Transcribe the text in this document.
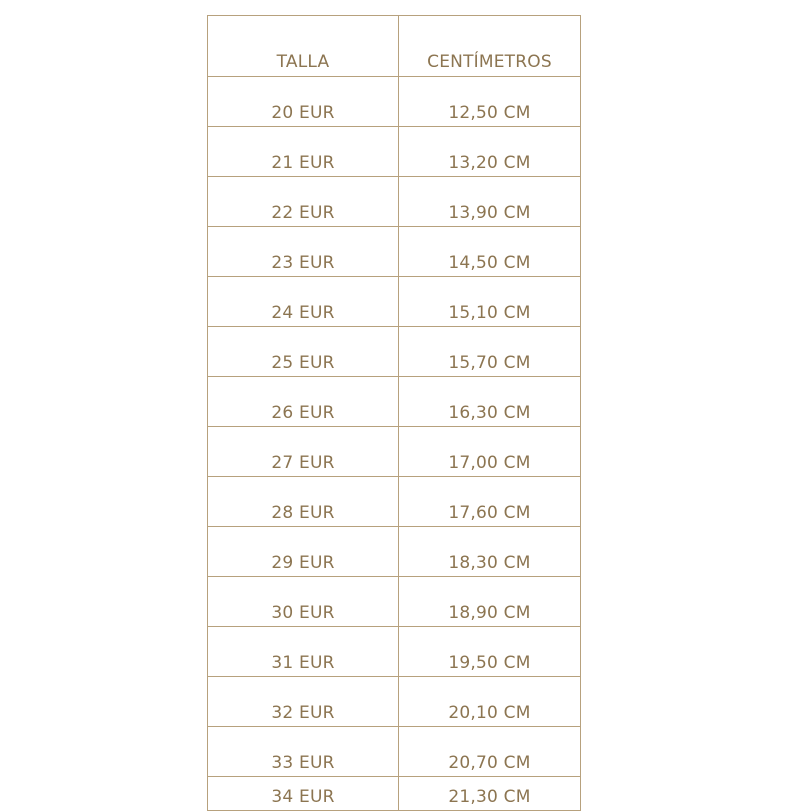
TALLA	CENTÍMETROS
20 EUR	12,50 CM
21 EUR	13,20 CM
22 EUR	13,90 CM
23 EUR	14,50 CM
24 EUR	15,10 CM
25 EUR	15,70 CM
26 EUR	16,30 CM
27 EUR	17,00 CM
28 EUR	17,60 CM
29 EUR	18,30 CM
30 EUR	18,90 CM
31 EUR	19,50 CM
32 EUR	20,10 CM
33 EUR	20,70 CM
34 EUR	21,30 CM
